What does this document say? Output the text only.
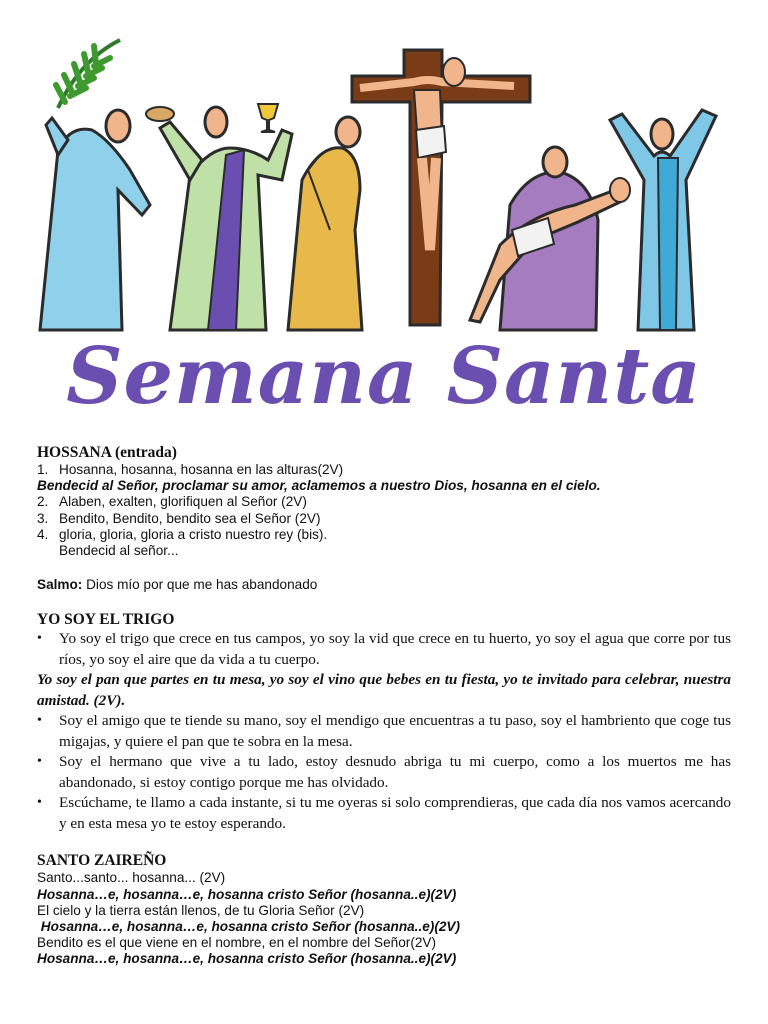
Semana Santa
HOSSANA (entrada)
1. Hosanna, hosanna, hosanna en las alturas(2V)
Bendecid al Señor, proclamar su amor, aclamemos a nuestro Dios, hosanna en el cielo.
2. Alaben, exalten, glorifiquen al Señor (2V)
3. Bendito, Bendito, bendito sea el Señor (2V)
4. gloria, gloria, gloria a cristo nuestro rey (bis).
Bendecid al señor...
Salmo: Dios mío por que me has abandonado
YO SOY EL TRIGO
•	Yo soy el trigo que crece en tus campos, yo soy la vid que crece en tu huerto, yo soy el agua que corre por tus ríos, yo soy el aire que da vida a tu cuerpo.
Yo soy el pan que partes en tu mesa, yo soy el vino que bebes en tu fiesta, yo te invitado para celebrar, nuestra amistad. (2V).
•	Soy el amigo que te tiende su mano, soy el mendigo que encuentras a tu paso, soy el hambriento que coge tus migajas, y quiere el pan que te sobra en la mesa.
•	Soy el hermano que vive a tu lado, estoy desnudo abriga tu mi cuerpo, como a los muertos me has abandonado, si estoy contigo porque me has olvidado.
•	Escúchame, te llamo a cada instante, si tu me oyeras si solo comprendieras, que cada día nos vamos acercando y en esta mesa yo te estoy esperando.
SANTO ZAIREÑO
Santo...santo... hosanna... (2V)
Hosanna…e, hosanna…e, hosanna cristo Señor (hosanna..e)(2V)
El cielo y la tierra están llenos, de tu Gloria Señor (2V)
Hosanna…e, hosanna…e, hosanna cristo Señor (hosanna..e)(2V)
Bendito es el que viene en el nombre, en el nombre del Señor(2V)
Hosanna…e, hosanna…e, hosanna cristo Señor (hosanna..e)(2V)
